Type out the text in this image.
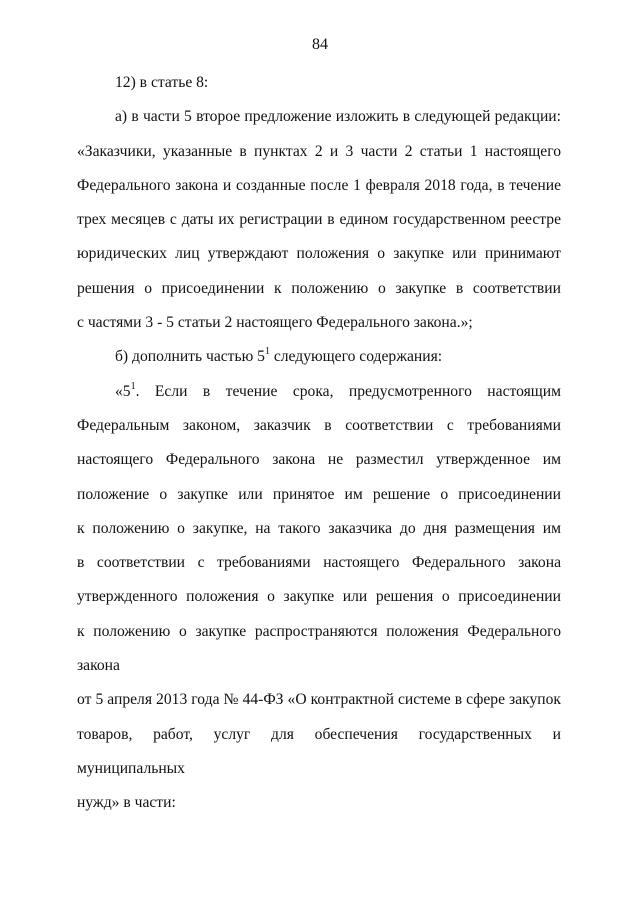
84
12) в статье 8:
а) в части 5 второе предложение изложить в следующей редакции:
«Заказчики, указанные в пунктах 2 и 3 части 2 статьи 1 настоящего
Федерального закона и созданные после 1 февраля 2018 года, в течение
трех месяцев с даты их регистрации в едином государственном реестре
юридических лиц утверждают положения о закупке или принимают
решения о присоединении к положению о закупке в соответствии
с частями 3 - 5 статьи 2 настоящего Федерального закона.»;
б) дополнить частью $5^1$ следующего содержания:
«$5^1$. Если в течение срока, предусмотренного настоящим
Федеральным законом, заказчик в соответствии с требованиями
настоящего Федерального закона не разместил утвержденное им
положение о закупке или принятое им решение о присоединении
к положению о закупке, на такого заказчика до дня размещения им
в соответствии с требованиями настоящего Федерального закона
утвержденного положения о закупке или решения о присоединении
к положению о закупке распространяются положения Федерального закона
от 5 апреля 2013 года № 44-ФЗ «О контрактной системе в сфере закупок
товаров, работ, услуг для обеспечения государственных и муниципальных
нужд» в части:
